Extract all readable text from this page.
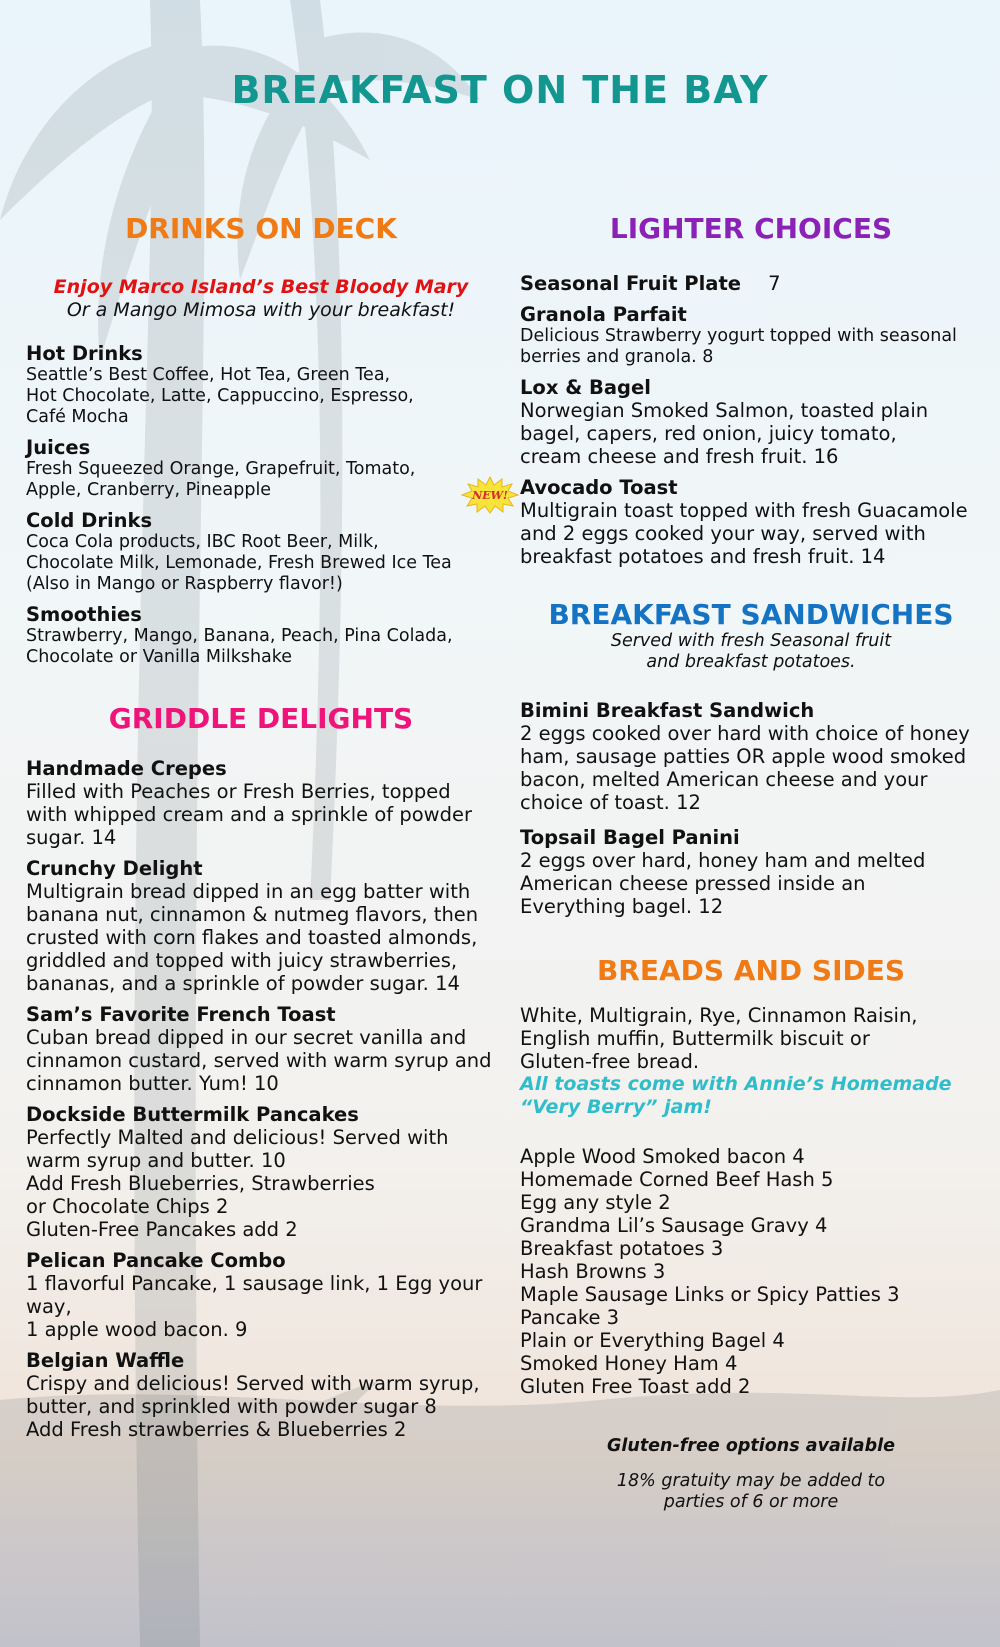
BREAKFAST ON THE BAY
DRINKS ON DECK
Enjoy Marco Island’s Best Bloody Mary
Or a Mango Mimosa with your breakfast!
Hot Drinks
Seattle’s Best Coffee, Hot Tea, Green Tea,
Hot Chocolate, Latte, Cappuccino, Espresso,
Café Mocha
Juices
Fresh Squeezed Orange, Grapefruit, Tomato,
Apple, Cranberry, Pineapple
Cold Drinks
Coca Cola products, IBC Root Beer, Milk,
Chocolate Milk, Lemonade, Fresh Brewed Ice Tea
(Also in Mango or Raspberry flavor!)
Smoothies
Strawberry, Mango, Banana, Peach, Pina Colada,
Chocolate or Vanilla Milkshake
GRIDDLE DELIGHTS
Handmade Crepes
Filled with Peaches or Fresh Berries, topped
with whipped cream and a sprinkle of powder
sugar. 14
Crunchy Delight
Multigrain bread dipped in an egg batter with
banana nut, cinnamon & nutmeg flavors, then
crusted with corn flakes and toasted almonds,
griddled and topped with juicy strawberries,
bananas, and a sprinkle of powder sugar. 14
Sam’s Favorite French Toast
Cuban bread dipped in our secret vanilla and
cinnamon custard, served with warm syrup and
cinnamon butter. Yum! 10
Dockside Buttermilk Pancakes
Perfectly Malted and delicious! Served with
warm syrup and butter. 10
Add Fresh Blueberries, Strawberries
or Chocolate Chips 2
Gluten-Free Pancakes add 2
Pelican Pancake Combo
1 flavorful Pancake, 1 sausage link, 1 Egg your
way,
1 apple wood bacon. 9
Belgian Waffle
Crispy and delicious! Served with warm syrup,
butter, and sprinkled with powder sugar 8
Add Fresh strawberries & Blueberries 2
NEW!
LIGHTER CHOICES
Seasonal Fruit Plate 7
Granola Parfait
Delicious Strawberry yogurt topped with seasonal
berries and granola. 8
Lox & Bagel
Norwegian Smoked Salmon, toasted plain
bagel, capers, red onion, juicy tomato,
cream cheese and fresh fruit. 16
Avocado Toast
Multigrain toast topped with fresh Guacamole
and 2 eggs cooked your way, served with
breakfast potatoes and fresh fruit. 14
BREAKFAST SANDWICHES
Served with fresh Seasonal fruit
and breakfast potatoes.
Bimini Breakfast Sandwich
2 eggs cooked over hard with choice of honey
ham, sausage patties OR apple wood smoked
bacon, melted American cheese and your
choice of toast. 12
Topsail Bagel Panini
2 eggs over hard, honey ham and melted
American cheese pressed inside an
Everything bagel. 12
BREADS AND SIDES
White, Multigrain, Rye, Cinnamon Raisin,
English muffin, Buttermilk biscuit or
Gluten-free bread.
All toasts come with Annie’s Homemade
“Very Berry” jam!
Apple Wood Smoked bacon 4
Homemade Corned Beef Hash 5
Egg any style 2
Grandma Lil’s Sausage Gravy 4
Breakfast potatoes 3
Hash Browns 3
Maple Sausage Links or Spicy Patties 3
Pancake 3
Plain or Everything Bagel 4
Smoked Honey Ham 4
Gluten Free Toast add 2
Gluten-free options available
18% gratuity may be added to
parties of 6 or more
